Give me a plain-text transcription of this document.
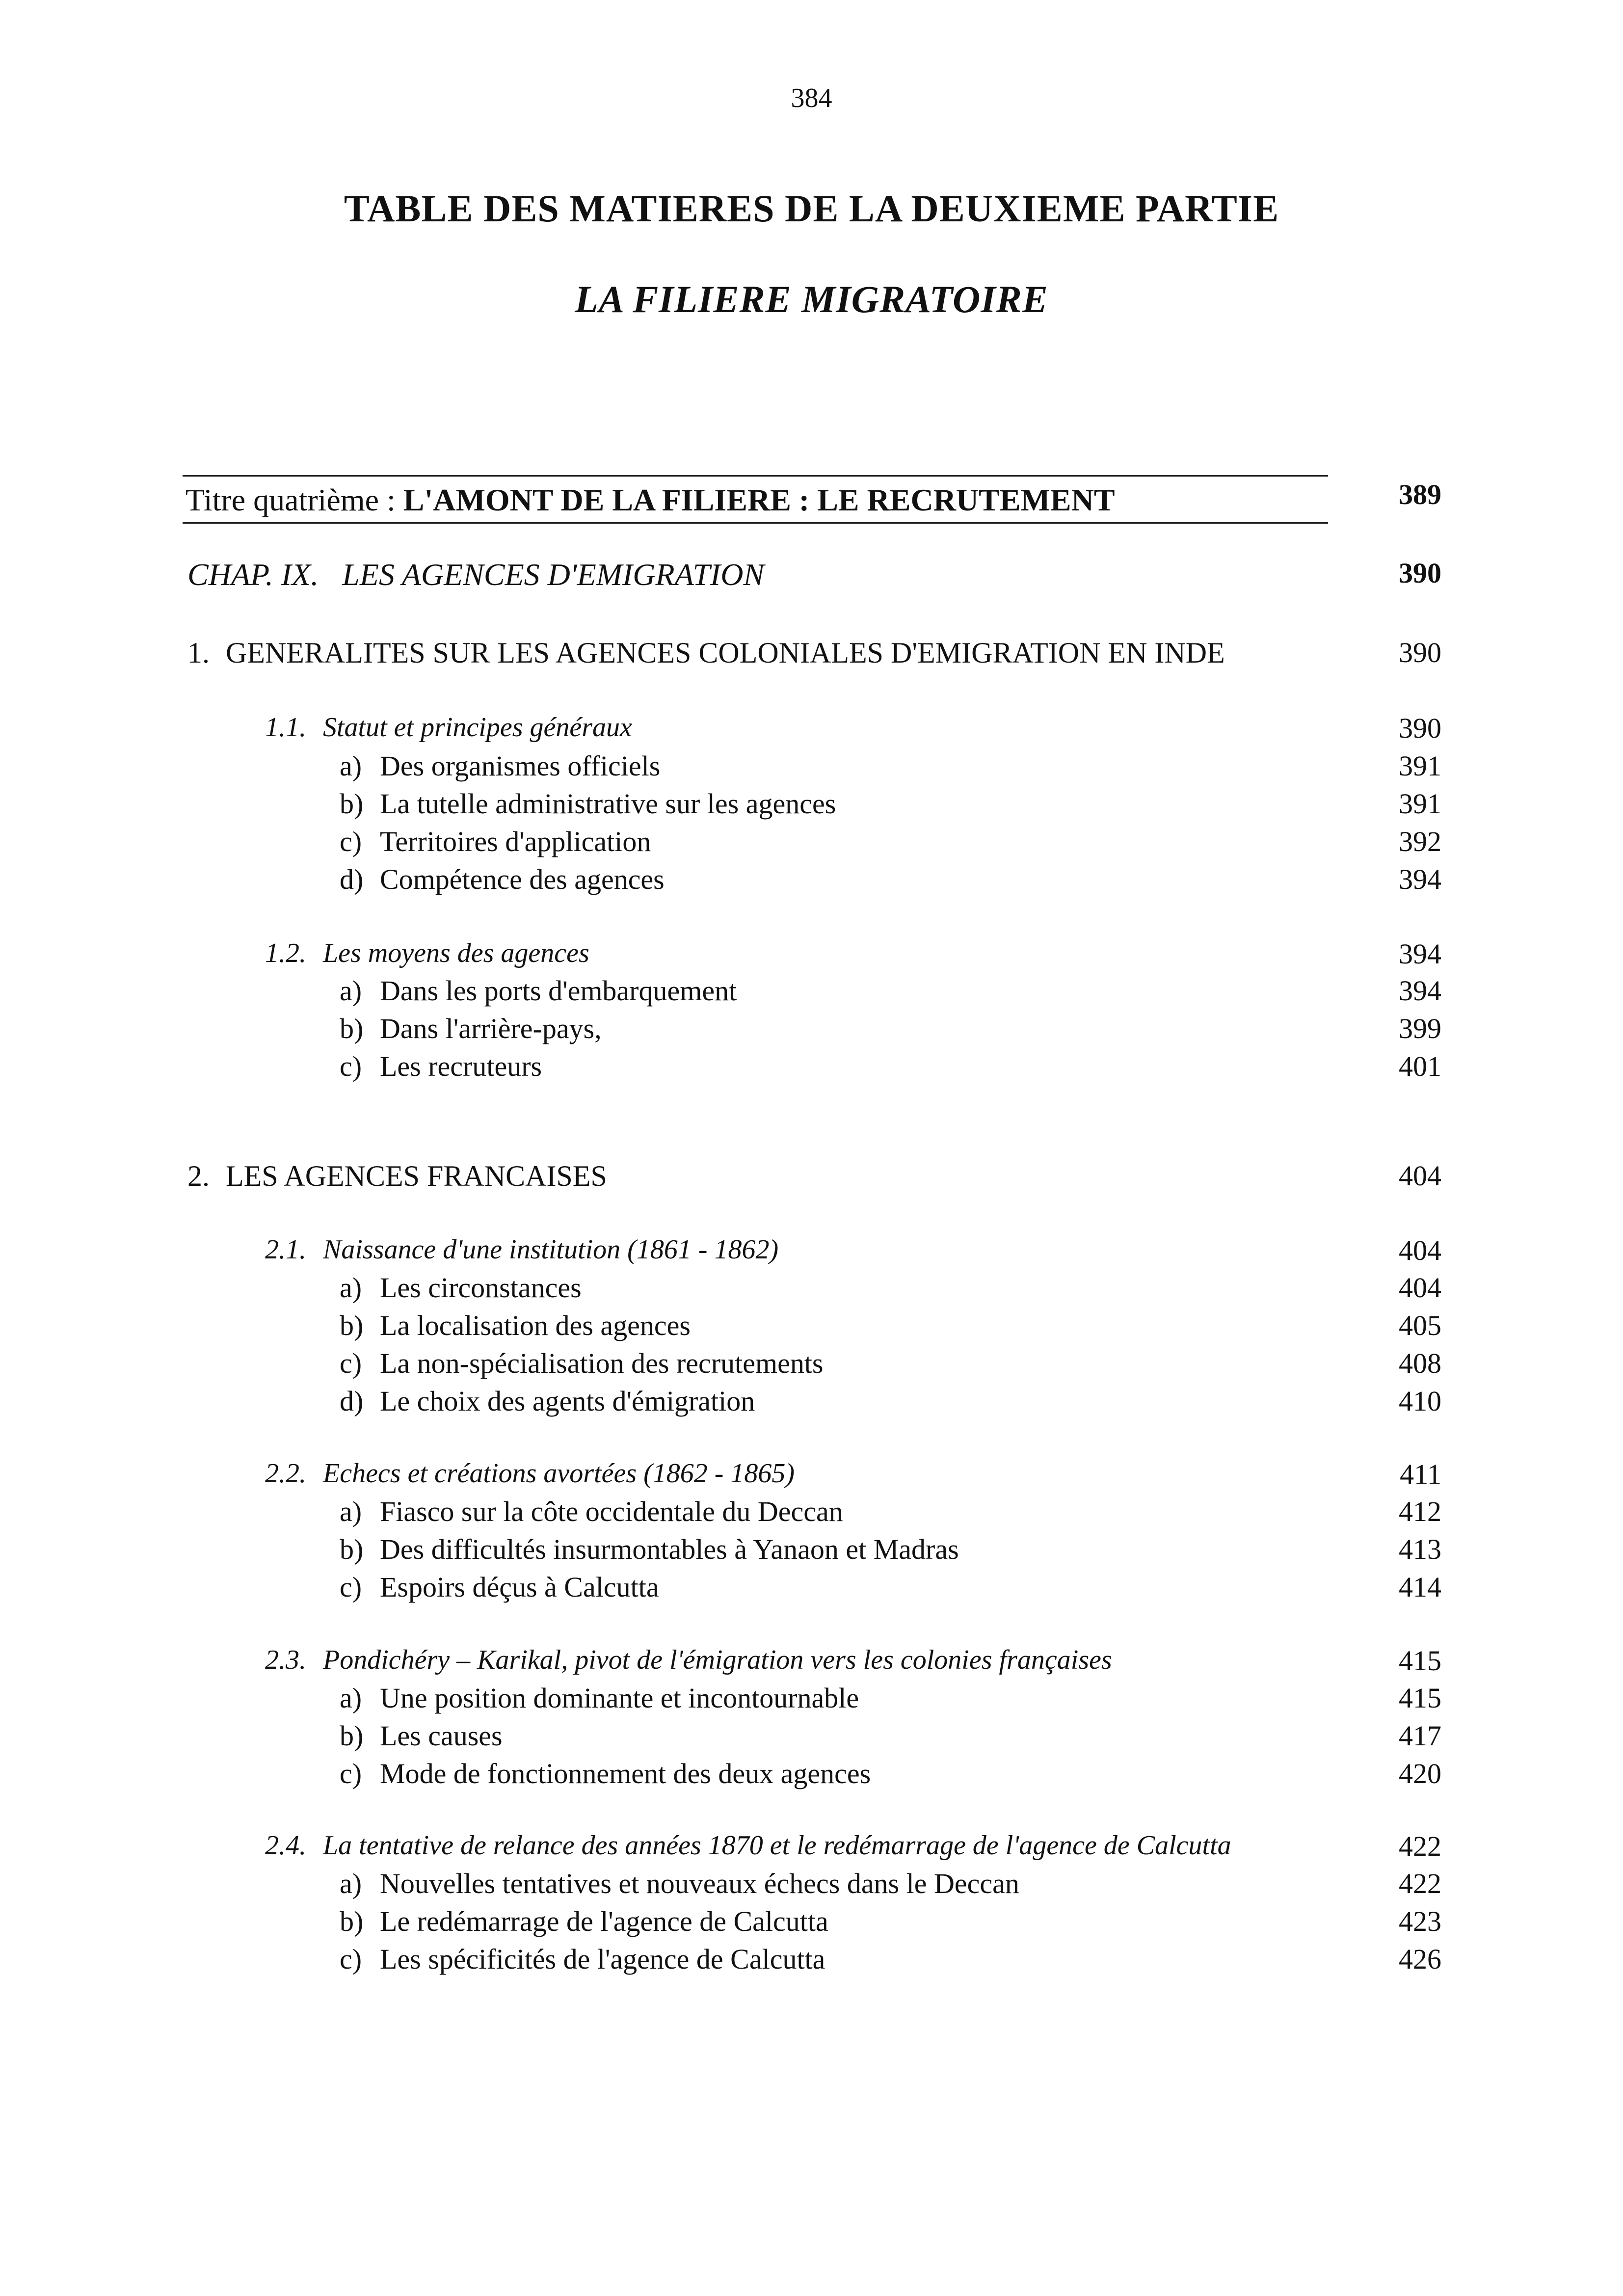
384
TABLE DES MATIERES DE LA DEUXIEME PARTIE
LA FILIERE MIGRATOIRE
Titre quatrième : L'AMONT DE LA FILIERE : LE RECRUTEMENT	389
CHAP. IX.   LES AGENCES D'EMIGRATION	390
1. GENERALITES SUR LES AGENCES COLONIALES D'EMIGRATION EN INDE	390
1.1. Statut et principes généraux	390
a) Des organismes officiels	391
b) La tutelle administrative sur les agences	391
c) Territoires d'application	392
d) Compétence des agences	394
1.2. Les moyens des agences	394
a) Dans les ports d'embarquement	394
b) Dans l'arrière-pays,	399
c) Les recruteurs	401
2. LES AGENCES FRANCAISES	404
2.1. Naissance d'une institution (1861 - 1862)	404
a) Les circonstances	404
b) La localisation des agences	405
c) La non-spécialisation des recrutements	408
d) Le choix des agents d'émigration	410
2.2. Echecs et créations avortées (1862 - 1865)	411
a) Fiasco sur la côte occidentale du Deccan	412
b) Des difficultés insurmontables à Yanaon et Madras	413
c) Espoirs déçus à Calcutta	414
2.3. Pondichéry – Karikal, pivot de l'émigration vers les colonies françaises	415
a) Une position dominante et incontournable	415
b) Les causes	417
c) Mode de fonctionnement des deux agences	420
2.4. La tentative de relance des années 1870 et le redémarrage de l'agence de Calcutta	422
a) Nouvelles tentatives et nouveaux échecs dans le Deccan	422
b) Le redémarrage de l'agence de Calcutta	423
c) Les spécificités de l'agence de Calcutta	426
